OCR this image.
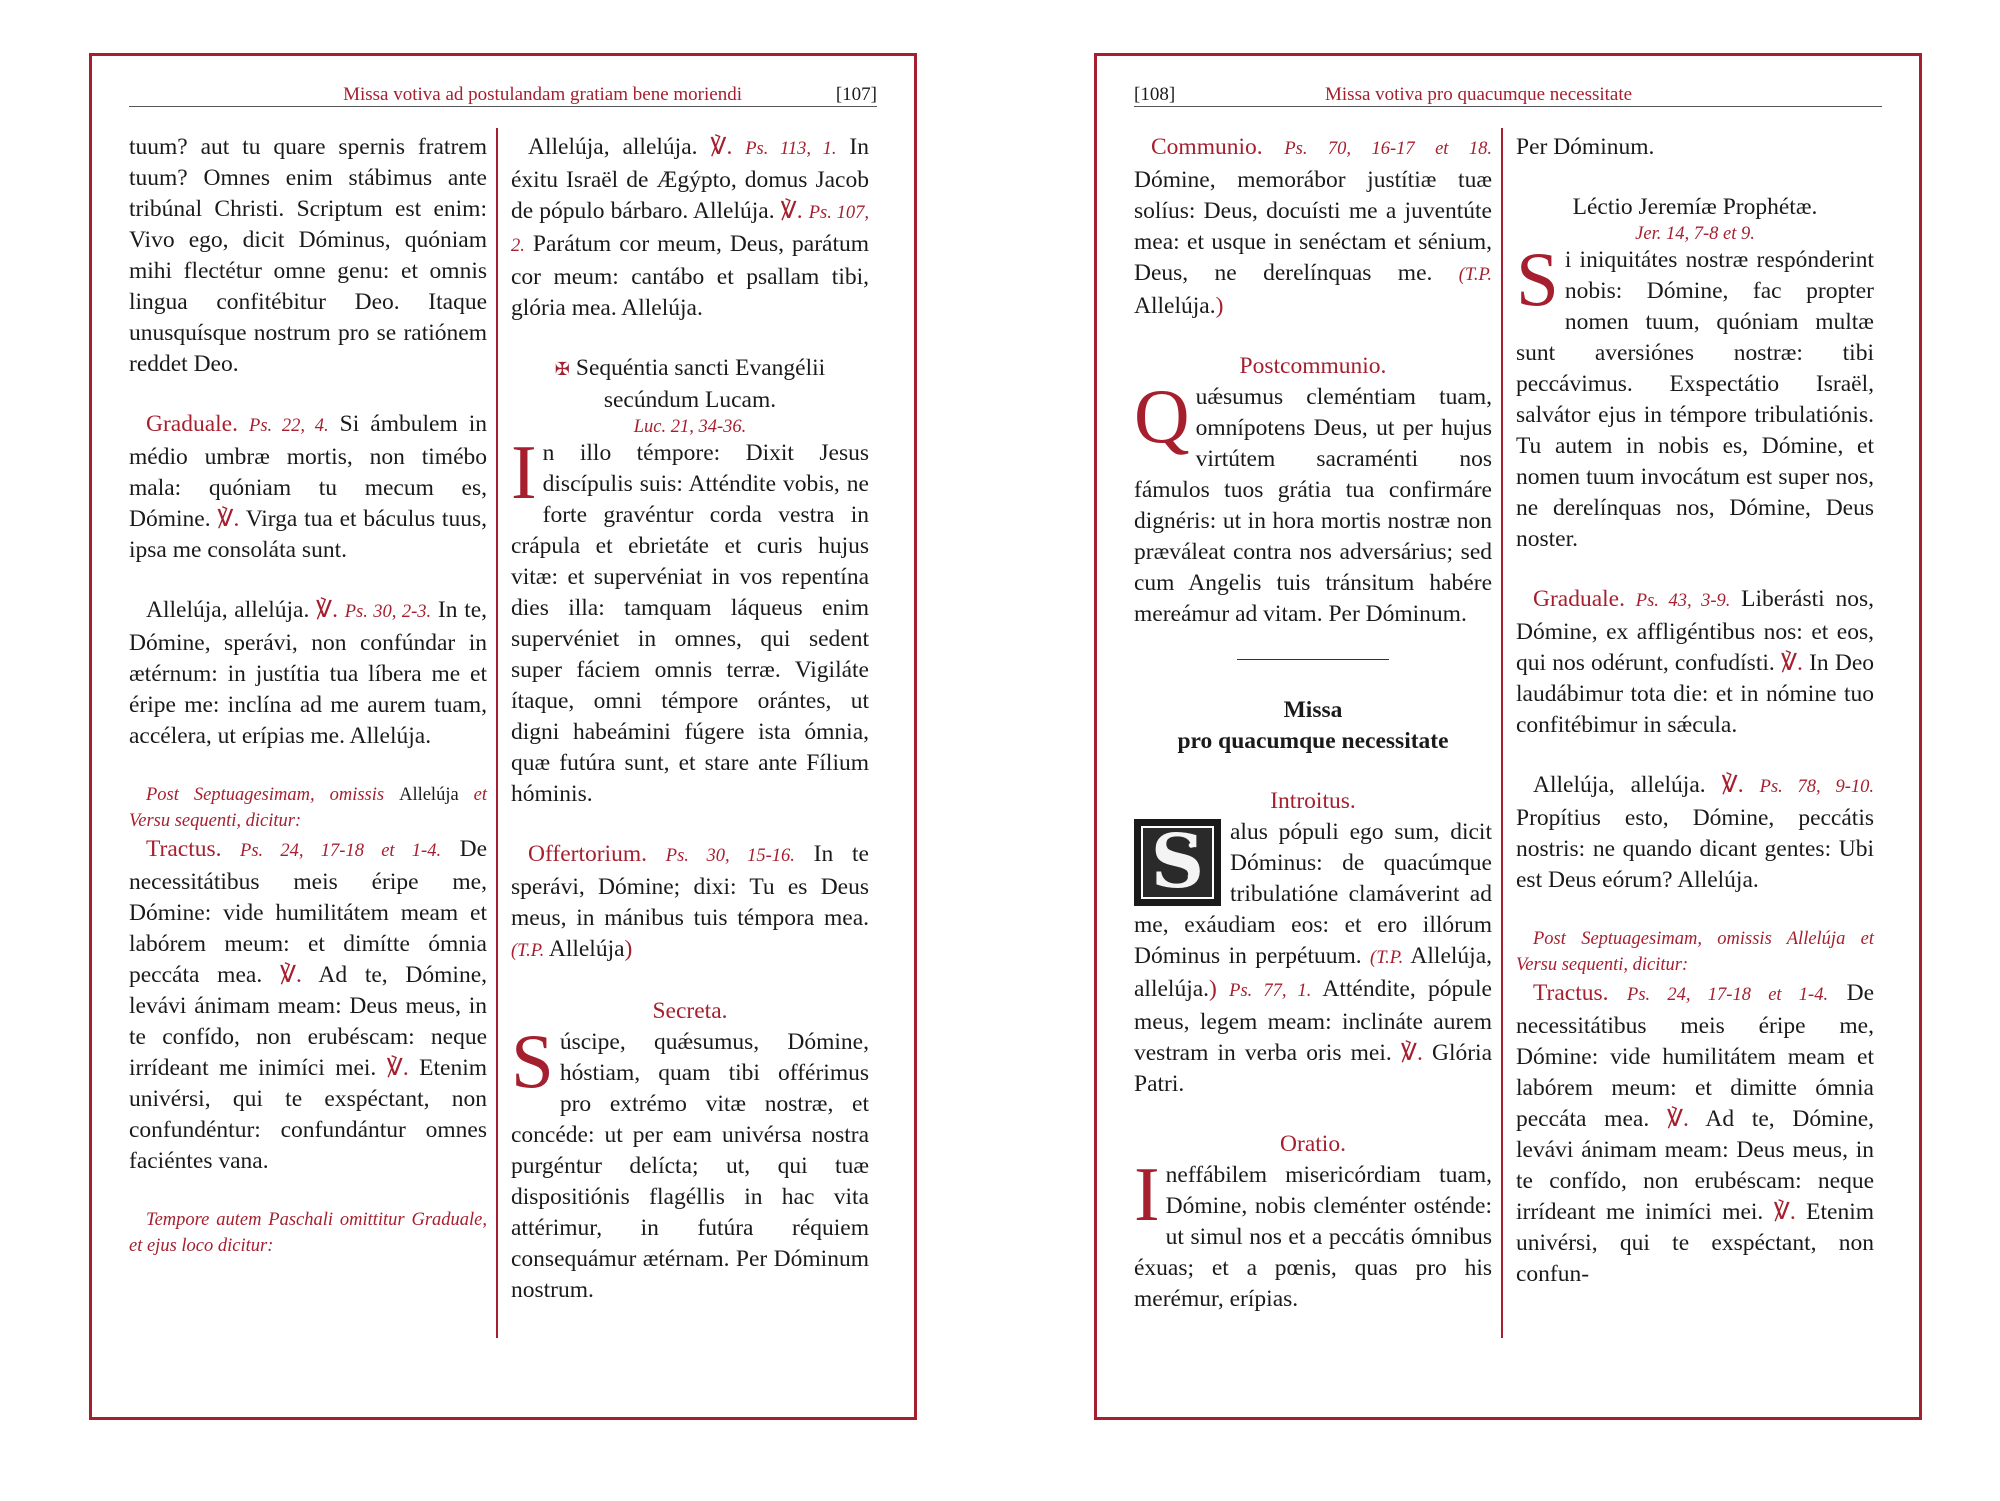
Missa votiva ad postulandam gratiam bene moriendi	[107]
tuum? aut tu quare spernis fratrem tuum? Omnes enim stábimus ante tribúnal Christi. Scriptum est enim: Vivo ego, dicit Dóminus, quóniam mihi flectétur omne genu: et omnis lingua confitébitur Deo. Itaque unusquísque nostrum pro se ratiónem reddet Deo.
Graduale. Ps. 22, 4. Si ámbulem in médio umbræ mortis, non timébo mala: quóniam tu mecum es, Dómine. ℣. Virga tua et báculus tuus, ipsa me consoláta sunt.
Allelúja, allelúja. ℣. Ps. 30, 2-3. In te, Dómine, sperávi, non confúndar in ætérnum: in justítia tua líbera me et éripe me: inclína ad me aurem tuam, accélera, ut erípias me. Allelúja.
Post Septuagesimam, omissis Allelúja et Versu sequenti, dicitur:
Tractus. Ps. 24, 17-18 et 1-4. De necessitátibus meis éripe me, Dómine: vide humilitátem meam et labórem meum: et dimítte ómnia peccáta mea. ℣. Ad te, Dómine, levávi ánimam meam: Deus meus, in te confído, non erubéscam: neque irrídeant me inimíci mei. ℣. Etenim univérsi, qui te exspéctant, non confundéntur: confundántur omnes faciéntes vana.
Tempore autem Paschali omittitur Graduale, et ejus loco dicitur:
Allelúja, allelúja. ℣. Ps. 113, 1. In éxitu Israël de Ægýpto, domus Jacob de pópulo bárbaro. Allelúja. ℣. Ps. 107, 2. Parátum cor meum, Deus, parátum cor meum: cantábo et psallam tibi, glória mea. Allelúja.
✠ Sequéntia sancti Evangélii secúndum Lucam.
Luc. 21, 34-36.
I n illo témpore: Dixit Jesus discípulis suis: Atténdite vobis, ne forte gravéntur corda vestra in crápula et ebrietáte et curis hujus vitæ: et supervéniat in vos repentína dies illa: tamquam láqueus enim supervéniet in omnes, qui sedent super fáciem omnis terræ. Vigiláte ítaque, omni témpore orántes, ut digni habeámini fúgere ista ómnia, quæ futúra sunt, et stare ante Fílium hóminis.
Offertorium. Ps. 30, 15-16. In te sperávi, Dómine; dixi: Tu es Deus meus, in mánibus tuis témpora mea. (T.P. Allelúja)
Secreta.
S úscipe, quǽsumus, Dómine, hóstiam, quam tibi offérimus pro extrémo vitæ nostræ, et concéde: ut per eam univérsa nostra purgéntur delícta; ut, qui tuæ dispositiónis flagéllis in hac vita attérimur, in futúra réquiem consequámur ætérnam. Per Dóminum nostrum.
[108]	Missa votiva pro quacumque necessitate
Communio. Ps. 70, 16-17 et 18. Dómine, memorábor justítiæ tuæ solíus: Deus, docuísti me a juventúte mea: et usque in senéctam et sénium, Deus, ne derelínquas me. (T.P. Allelúja.)
Postcommunio.
Q uǽsumus cleméntiam tuam, omnípotens Deus, ut per hujus virtútem sacraménti nos fámulos tuos grátia tua confirmáre dignéris: ut in hora mortis nostræ non præváleat contra nos adversárius; sed cum Angelis tuis tránsitum habére mereámur ad vitam. Per Dóminum.
Missa
pro quacumque necessitate
Introitus.
S	alus pópuli ego sum, dicit Dóminus: de quacúmque tribulatióne clamáverint ad me, exáudiam eos: et ero illórum Dóminus in perpétuum. (T.P. Allelúja, allelúja.) Ps. 77, 1. Atténdite, pópule meus, legem meam: inclináte aurem vestram in verba oris mei. ℣. Glória Patri.
Oratio.
I neffábilem misericórdiam tuam, Dómine, nobis cleménter osténde: ut simul nos et a peccátis ómnibus éxuas; et a pœnis, quas pro his merémur, erípias.
Per Dóminum.
Léctio Jeremíæ Prophétæ.
Jer. 14, 7-8 et 9.
S i iniquitátes nostræ respónderint nobis: Dómine, fac propter nomen tuum, quóniam multæ sunt aversiónes nostræ: tibi peccávimus. Exspectátio Israël, salvátor ejus in témpore tribulatiónis. Tu autem in nobis es, Dómine, et nomen tuum invocátum est super nos, ne derelínquas nos, Dómine, Deus noster.
Graduale. Ps. 43, 3-9. Liberásti nos, Dómine, ex affligéntibus nos: et eos, qui nos odérunt, confudísti. ℣. In Deo laudábimur tota die: et in nómine tuo confitébimur in sǽcula.
Allelúja, allelúja. ℣. Ps. 78, 9-10. Propítius esto, Dómine, peccátis nostris: ne quando dicant gentes: Ubi est Deus eórum? Allelúja.
Post Septuagesimam, omissis Allelúja et Versu sequenti, dicitur:
Tractus. Ps. 24, 17-18 et 1-4. De necessitátibus meis éripe me, Dómine: vide humilitátem meam et labórem meum: et dimitte ómnia peccáta mea. ℣. Ad te, Dómine, levávi ánimam meam: Deus meus, in te confído, non erubéscam: neque irrídeant me inimíci mei. ℣. Etenim univérsi, qui te exspéctant, non confun-
